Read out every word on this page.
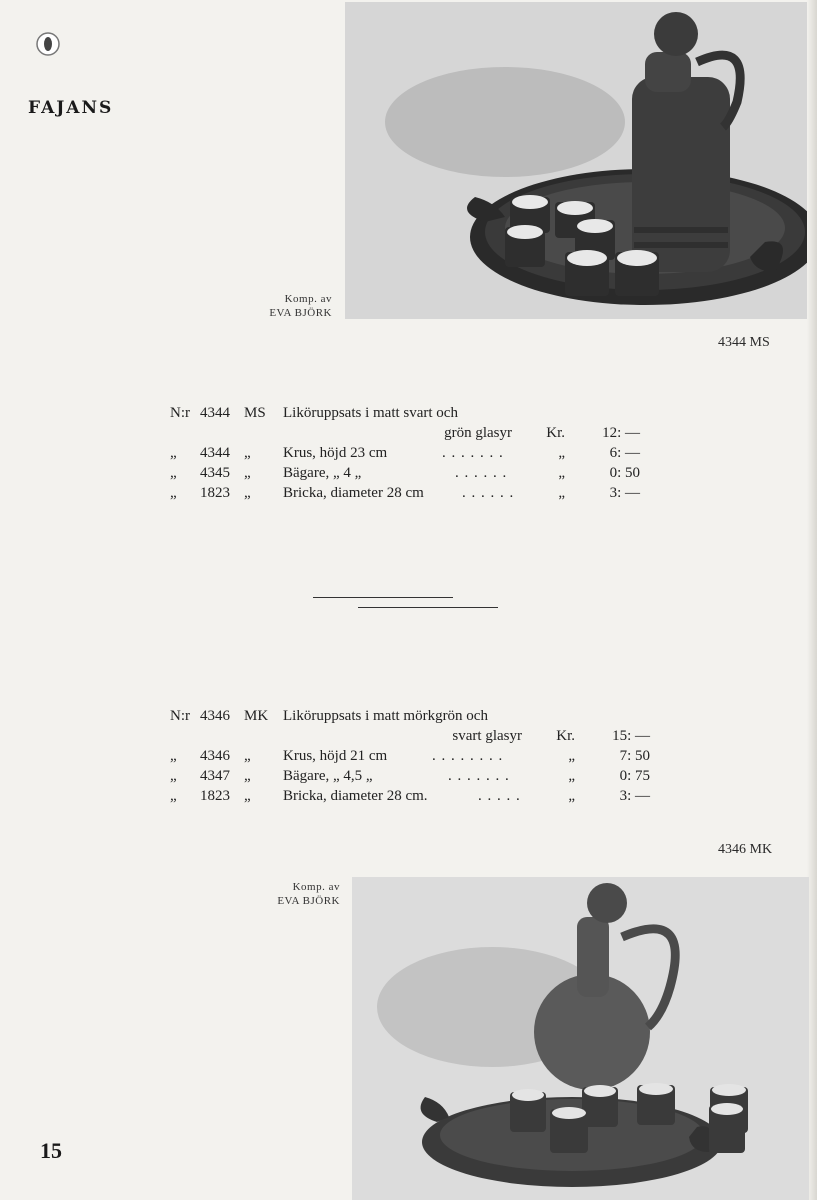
FAJANS
Komp. av
EVA BJÖRK
4344 MS
N:r 4344 MS Liköruppsats i matt svart och
grön glasyr Kr. 12: —
„ 4344 „ Krus, höjd 23 cm	. . . . . . .	„	6: —
„ 4345 „ Bägare, „ 4 „	. . . . . .	„	0: 50
„ 1823 „ Bricka, diameter 28 cm	. . . . . .	„	3: —
N:r 4346 MK Liköruppsats i matt mörkgrön och
svart glasyr Kr. 15: —
„ 4346 „ Krus, höjd 21 cm	. . . . . . . .	„	7: 50
„ 4347 „ Bägare, „ 4,5 „	. . . . . . .	„	0: 75
„ 1823 „ Bricka, diameter 28 cm.	. . . . .	„	3: —
4346 MK
Komp. av
EVA BJÖRK
15
